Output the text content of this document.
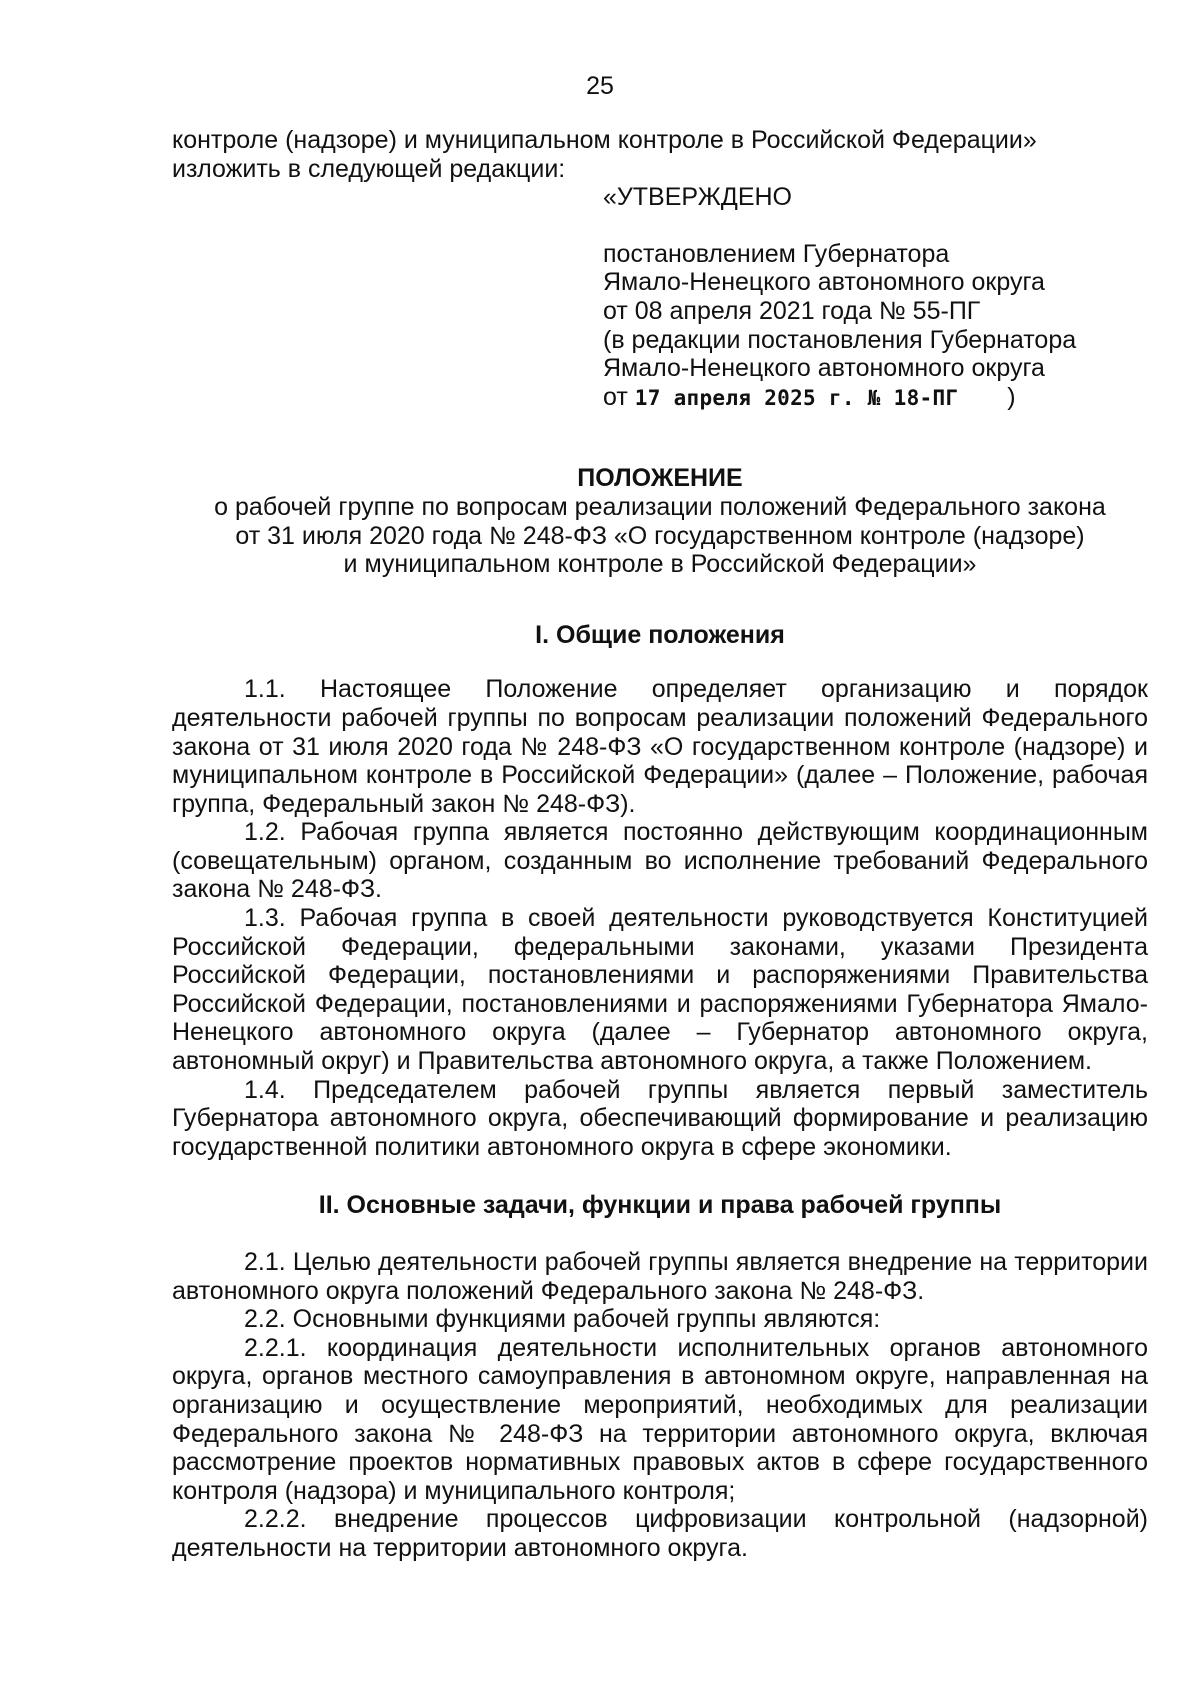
25

контроле (надзоре) и муниципальном контроле в Российской Федерации»
изложить в следующей редакции:

«УТВЕРЖДЕНО

постановлением Губернатора

Ямало-Ненецкого автономного округа

от 08 апреля 2021 года № 55-ПГ

(в редакции постановления Губернатора

Ямало-Ненецкого автономного округа

от 17 апреля 2025 г. № 18-ПГ )

ПОЛОЖЕНИЕ

о рабочей группе по вопросам реализации положений Федерального закона

от 31 июля 2020 года № 248-ФЗ «О государственном контроле (надзоре)

и муниципальном контроле в Российской Федерации»

I. Общие положения

1.1. Настоящее Положение определяет организацию и порядок деятельности рабочей группы по вопросам реализации положений Федерального закона от 31 июля 2020 года № 248-ФЗ «О государственном контроле (надзоре) и муниципальном контроле в Российской Федерации» (далее – Положение, рабочая группа, Федеральный закон № 248-ФЗ).

1.2. Рабочая группа является постоянно действующим координационным (совещательным) органом, созданным во исполнение требований Федерального закона № 248-ФЗ.

1.3. Рабочая группа в своей деятельности руководствуется Конституцией Российской Федерации, федеральными законами, указами Президента Российской Федерации, постановлениями и распоряжениями Правительства Российской Федерации, постановлениями и распоряжениями Губернатора Ямало-Ненецкого автономного округа (далее – Губернатор автономного округа, автономный округ) и Правительства автономного округа, а также Положением.

1.4. Председателем рабочей группы является первый заместитель Губернатора автономного округа, обеспечивающий формирование и реализацию государственной политики автономного округа в сфере экономики.

II. Основные задачи, функции и права рабочей группы

2.1. Целью деятельности рабочей группы является внедрение на территории автономного округа положений Федерального закона № 248-ФЗ.

2.2. Основными функциями рабочей группы являются:

2.2.1. координация деятельности исполнительных органов автономного округа, органов местного самоуправления в автономном округе, направленная на организацию и осуществление мероприятий, необходимых для реализации Федерального закона № 248-ФЗ на территории автономного округа, включая рассмотрение проектов нормативных правовых актов в сфере государственного контроля (надзора) и муниципального контроля;

2.2.2. внедрение процессов цифровизации контрольной (надзорной) деятельности на территории автономного округа.
